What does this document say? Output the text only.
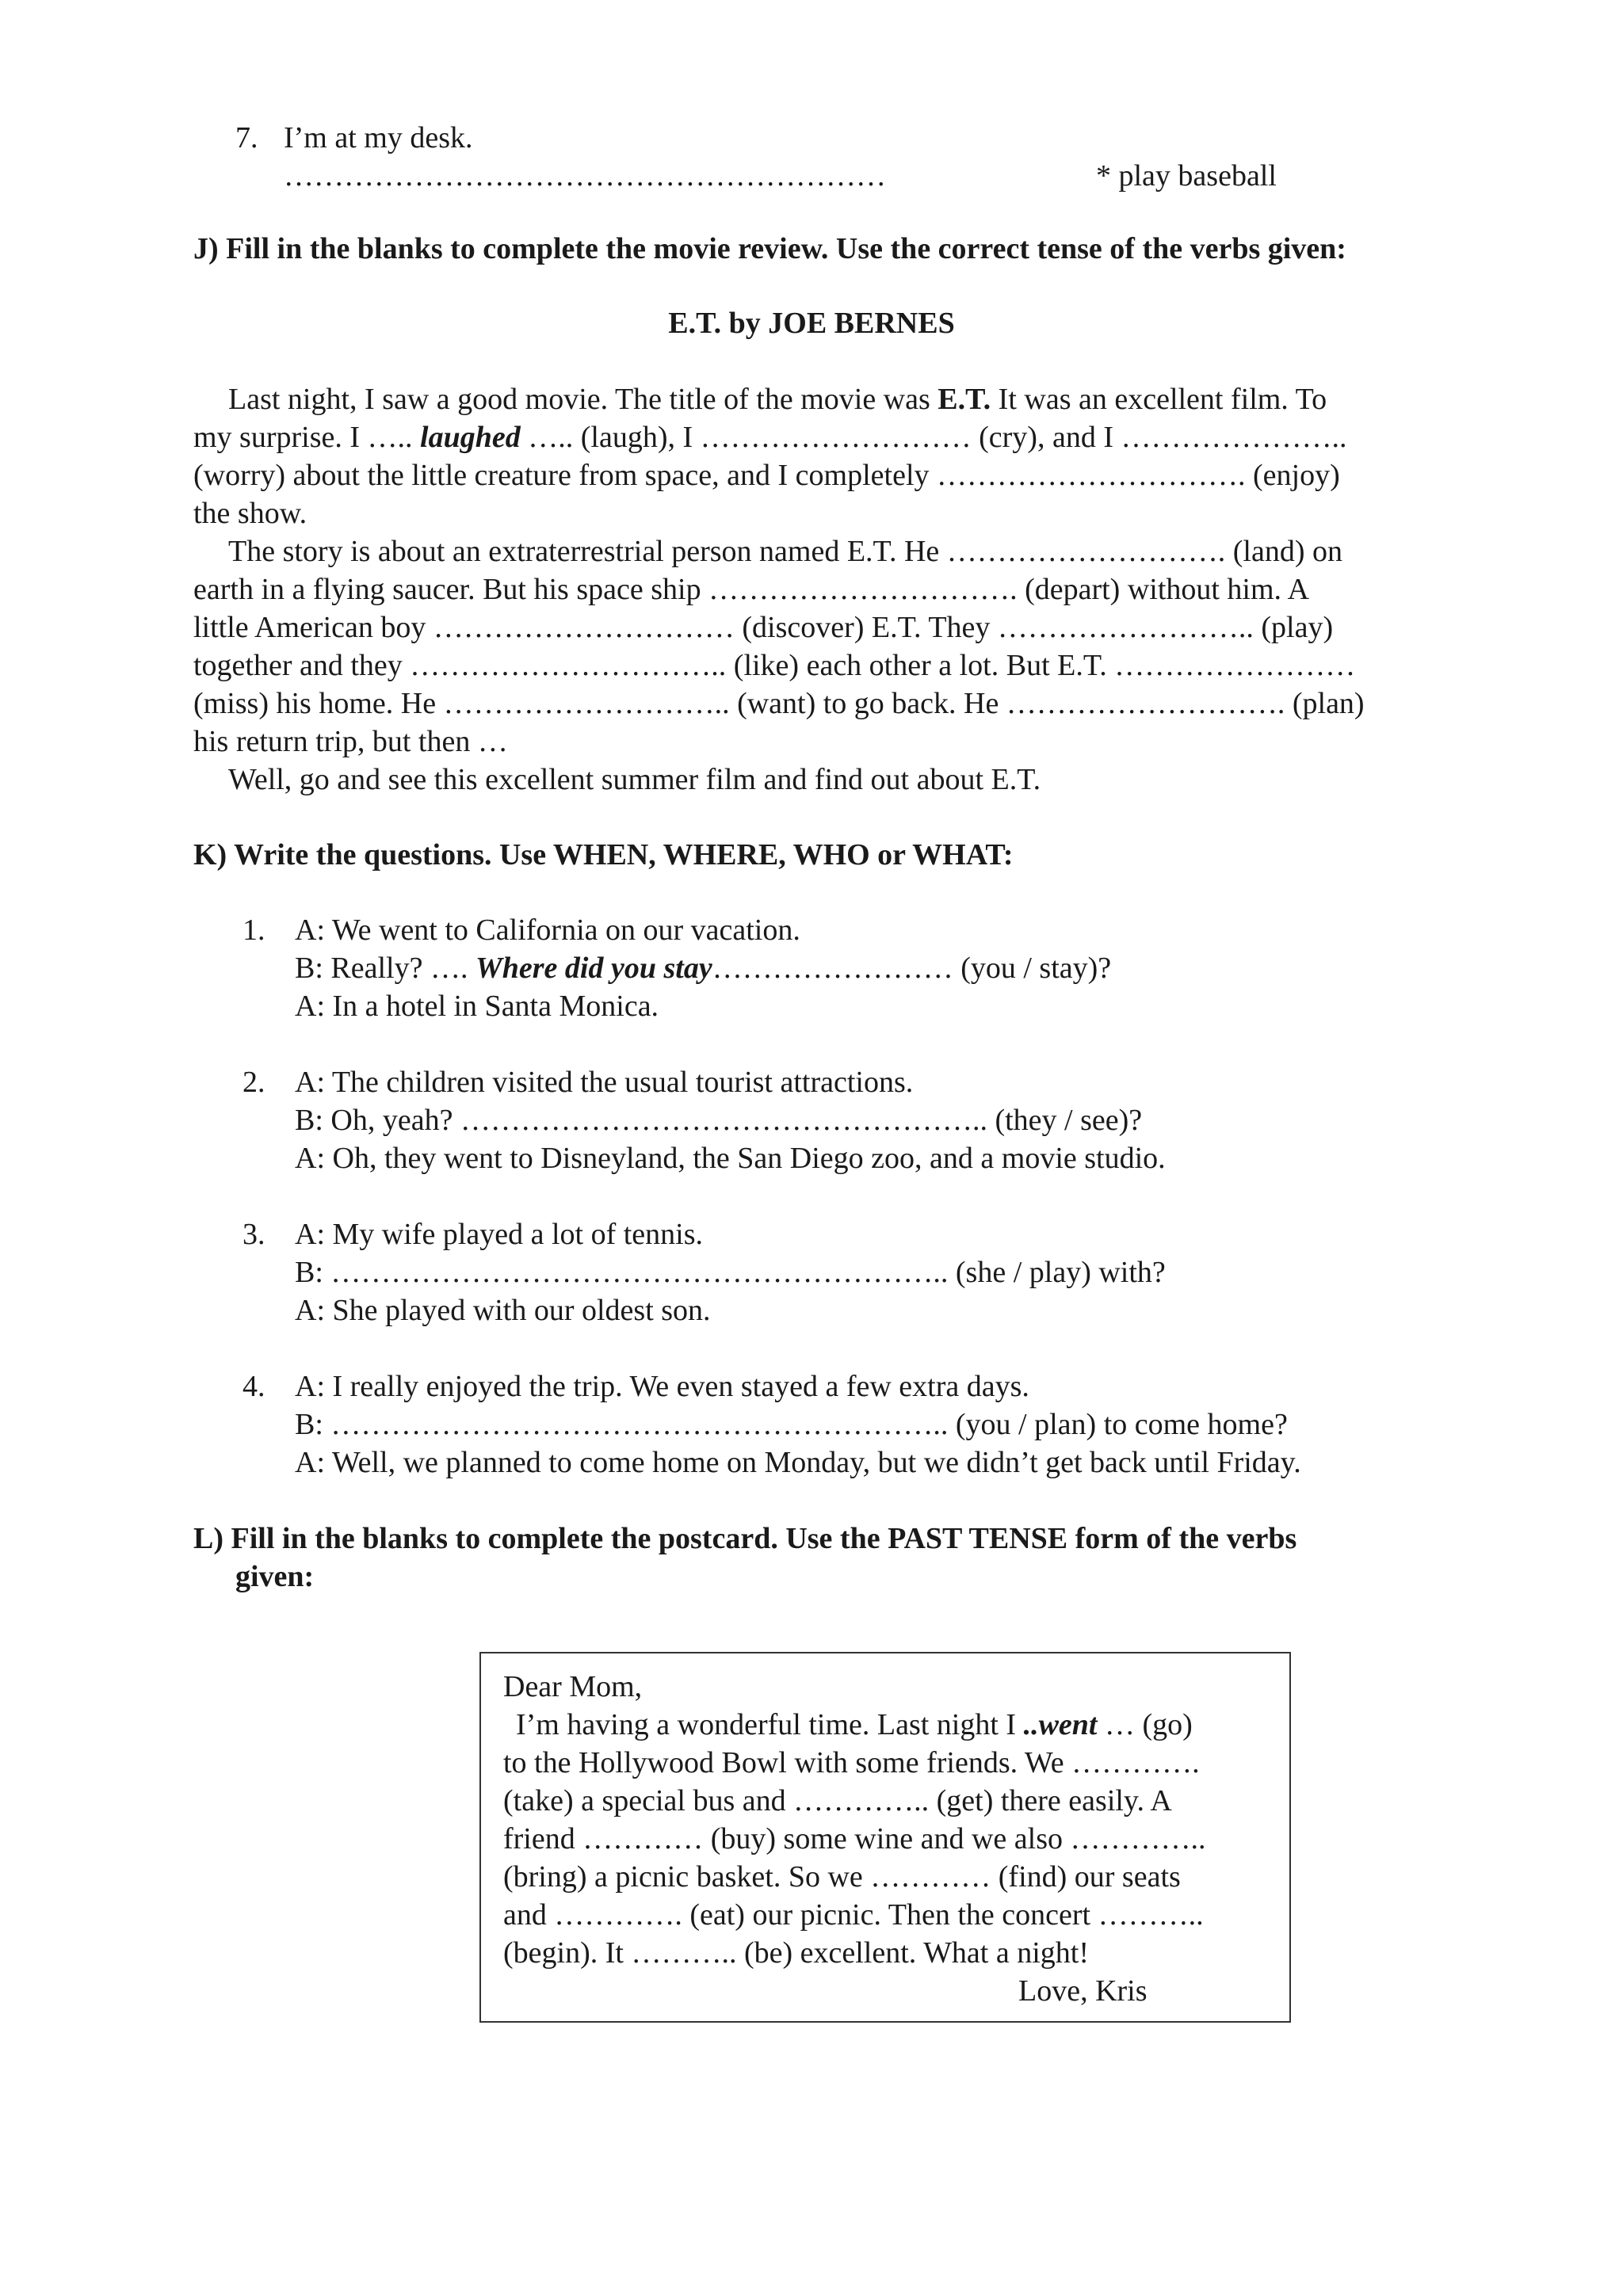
7. I’m at my desk.
……………………………………………………	* play baseball
J) Fill in the blanks to complete the movie review. Use the correct tense of the verbs given:
E.T. by JOE BERNES
Last night, I saw a good movie. The title of the movie was E.T. It was an excellent film. To
my surprise. I ….. laughed ….. (laugh), I ……………………… (cry), and I …………………..
(worry) about the little creature from space, and I completely …………………………. (enjoy)
the show.
The story is about an extraterrestrial person named E.T. He ………………………. (land) on
earth in a flying saucer. But his space ship …………………………. (depart) without him. A
little American boy ………………………… (discover) E.T. They …………………….. (play)
together and they ………………………….. (like) each other a lot. But E.T. ……………………
(miss) his home. He ……………………….. (want) to go back. He ………………………. (plan)
his return trip, but then …
Well, go and see this excellent summer film and find out about E.T.
K) Write the questions. Use WHEN, WHERE, WHO or WHAT:
1. A: We went to California on our vacation.
B: Really? …. Where did you stay…………………… (you / stay)?
A: In a hotel in Santa Monica.
2. A: The children visited the usual tourist attractions.
B: Oh, yeah? …………………………………………….. (they / see)?
A: Oh, they went to Disneyland, the San Diego zoo, and a movie studio.
3. A: My wife played a lot of tennis.
B: …………………………………………………….. (she / play) with?
A: She played with our oldest son.
4. A: I really enjoyed the trip. We even stayed a few extra days.
B: …………………………………………………….. (you / plan) to come home?
A: Well, we planned to come home on Monday, but we didn’t get back until Friday.
L) Fill in the blanks to complete the postcard. Use the PAST TENSE form of the verbs
given:
Dear Mom,
I’m having a wonderful time. Last night I ..went … (go)
to the Hollywood Bowl with some friends. We ………….
(take) a special bus and ………….. (get) there easily. A
friend ………… (buy) some wine and we also …………..
(bring) a picnic basket. So we ………… (find) our seats
and …………. (eat) our picnic. Then the concert ………..
(begin). It ……….. (be) excellent. What a night!
Love, Kris
